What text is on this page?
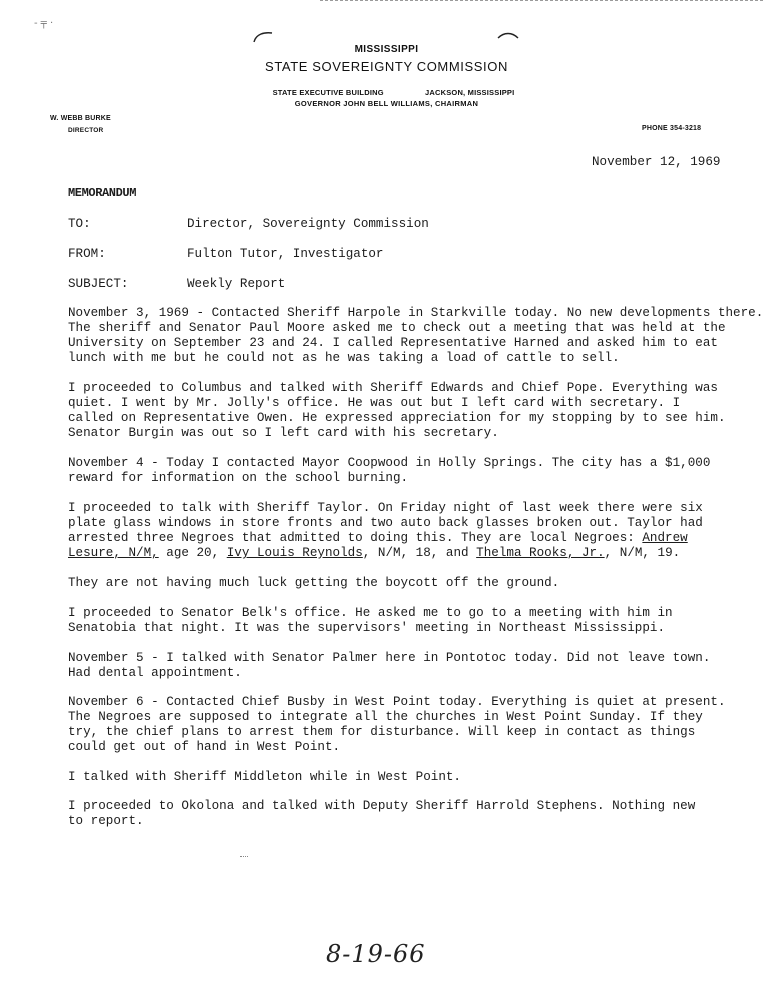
- ╤ ·
MISSISSIPPI
STATE SOVEREIGNTY COMMISSION
STATE EXECUTIVE BUILDING	JACKSON, MISSISSIPPI
GOVERNOR JOHN BELL WILLIAMS, CHAIRMAN
W. WEBB BURKE
DIRECTOR	PHONE 354-3218
November 12, 1969
MEMORANDUM
TO:	Director, Sovereignty Commission
FROM:	Fulton Tutor, Investigator
SUBJECT:	Weekly Report
November 3, 1969 - Contacted Sheriff Harpole in Starkville today. No new developments there.
The sheriff and Senator Paul Moore asked me to check out a meeting that was held at the
University on September 23 and 24. I called Representative Harned and asked him to eat
lunch with me but he could not as he was taking a load of cattle to sell.
I proceeded to Columbus and talked with Sheriff Edwards and Chief Pope. Everything was
quiet. I went by Mr. Jolly's office. He was out but I left card with secretary. I
called on Representative Owen. He expressed appreciation for my stopping by to see him.
Senator Burgin was out so I left card with his secretary.
November 4 - Today I contacted Mayor Coopwood in Holly Springs. The city has a $1,000
reward for information on the school burning.
I proceeded to talk with Sheriff Taylor. On Friday night of last week there were six
plate glass windows in store fronts and two auto back glasses broken out. Taylor had
arrested three Negroes that admitted to doing this. They are local Negroes: Andrew
Lesure, N/M, age 20, Ivy Louis Reynolds, N/M, 18, and Thelma Rooks, Jr., N/M, 19.
They are not having much luck getting the boycott off the ground.
I proceeded to Senator Belk's office. He asked me to go to a meeting with him in
Senatobia that night. It was the supervisors' meeting in Northeast Mississippi.
November 5 - I talked with Senator Palmer here in Pontotoc today. Did not leave town.
Had dental appointment.
November 6 - Contacted Chief Busby in West Point today. Everything is quiet at present.
The Negroes are supposed to integrate all the churches in West Point Sunday. If they
try, the chief plans to arrest them for disturbance. Will keep in contact as things
could get out of hand in West Point.
I talked with Sheriff Middleton while in West Point.
I proceeded to Okolona and talked with Deputy Sheriff Harrold Stephens. Nothing new
to report.
8-19-66
